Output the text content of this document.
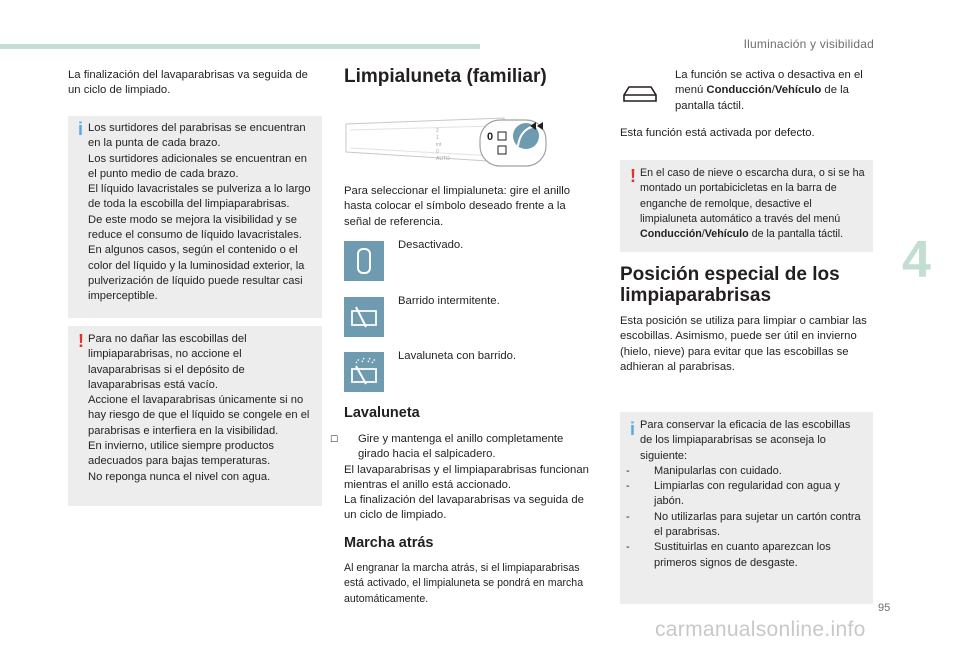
Iluminación y visibilidad
4
95
carmanualsonline.info

La finalización del lavaparabrisas va seguida de un ciclo de limpiado.

i Los surtidores del parabrisas se encuentran en la punta de cada brazo.

Los surtidores adicionales se encuentran en el punto medio de cada brazo.

El líquido lavacristales se pulveriza a lo largo de toda la escobilla del limpiaparabrisas.

De este modo se mejora la visibilidad y se reduce el consumo de líquido lavacristales.

En algunos casos, según el contenido o el color del líquido y la luminosidad exterior, la pulverización de líquido puede resultar casi imperceptible.

! Para no dañar las escobillas del limpiaparabrisas, no accione el lavaparabrisas si el depósito de lavaparabrisas está vacío.

Accione el lavaparabrisas únicamente si no hay riesgo de que el líquido se congele en el parabrisas e interfiera en la visibilidad.

En invierno, utilice siempre productos adecuados para bajas temperaturas.

No reponga nunca el nivel con agua.

Limpialuneta (familiar)
2
1
int
0
AUTO
0

Para seleccionar el limpialuneta: gire el anillo hasta colocar el símbolo deseado frente a la señal de referencia.

Desactivado.
Barrido intermitente.
Lavaluneta con barrido.
Lavaluneta

☐ Gire y mantenga el anillo completamente girado hacia el salpicadero.

El lavaparabrisas y el limpiaparabrisas funcionan mientras el anillo está accionado.

La finalización del lavaparabrisas va seguida de un ciclo de limpiado.

Marcha atrás

Al engranar la marcha atrás, si el limpiaparabrisas está activado, el limpialuneta se pondrá en marcha automáticamente.

La función se activa o desactiva en el menú Conducción/Vehículo de la pantalla táctil.

Esta función está activada por defecto.

! En el caso de nieve o escarcha dura, o si se ha montado un portabicicletas en la barra de enganche de remolque, desactive el limpialuneta automático a través del menú Conducción/Vehículo de la pantalla táctil.

Posición especial de los limpiaparabrisas

Esta posición se utiliza para limpiar o cambiar las escobillas. Asimismo, puede ser útil en invierno (hielo, nieve) para evitar que las escobillas se adhieran al parabrisas.

i Para conservar la eficacia de las escobillas de los limpiaparabrisas se aconseja lo siguiente:

- Manipularlas con cuidado.

- Limpiarlas con regularidad con agua y jabón.

- No utilizarlas para sujetar un cartón contra el parabrisas.

- Sustituirlas en cuanto aparezcan los primeros signos de desgaste.
